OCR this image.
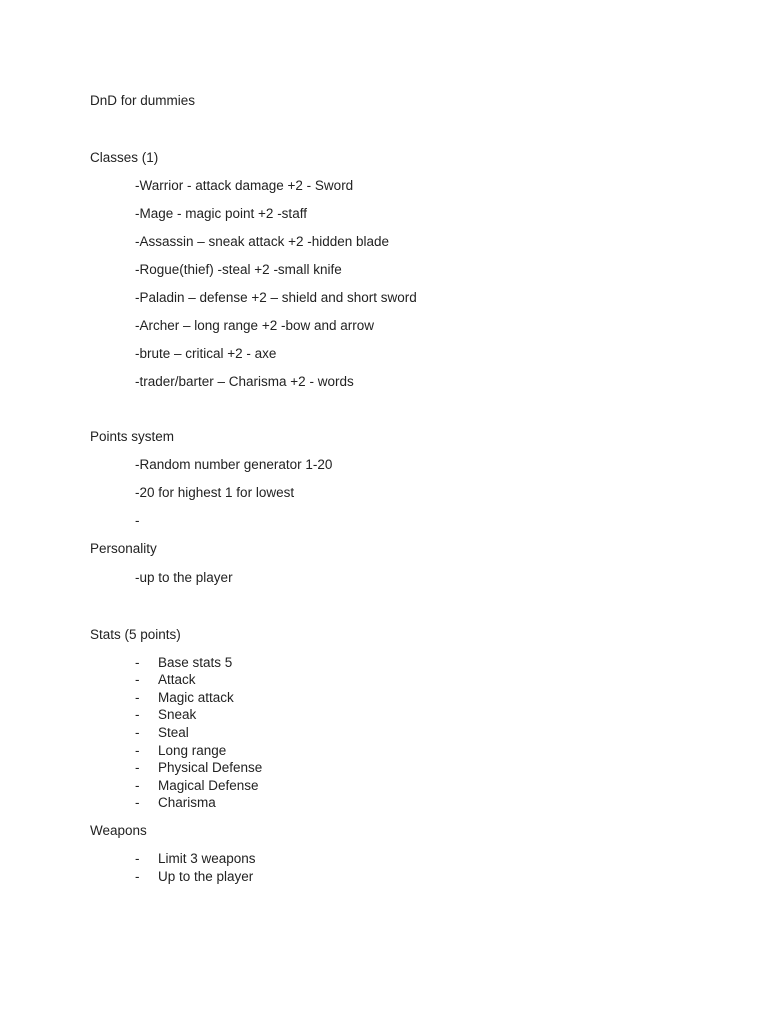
DnD for dummies
Classes (1)
-Warrior - attack damage +2 - Sword
-Mage - magic point +2 -staff
-Assassin – sneak attack +2 -hidden blade
-Rogue(thief) -steal +2 -small knife
-Paladin – defense +2 – shield and short sword
-Archer – long range +2 -bow and arrow
-brute – critical +2 - axe
-trader/barter – Charisma +2 - words
Points system
-Random number generator 1-20
-20 for highest 1 for lowest
-
Personality
-up to the player
Stats (5 points)
- Base stats 5
- Attack
- Magic attack
- Sneak
- Steal
- Long range
- Physical Defense
- Magical Defense
- Charisma
Weapons
- Limit 3 weapons
- Up to the player
